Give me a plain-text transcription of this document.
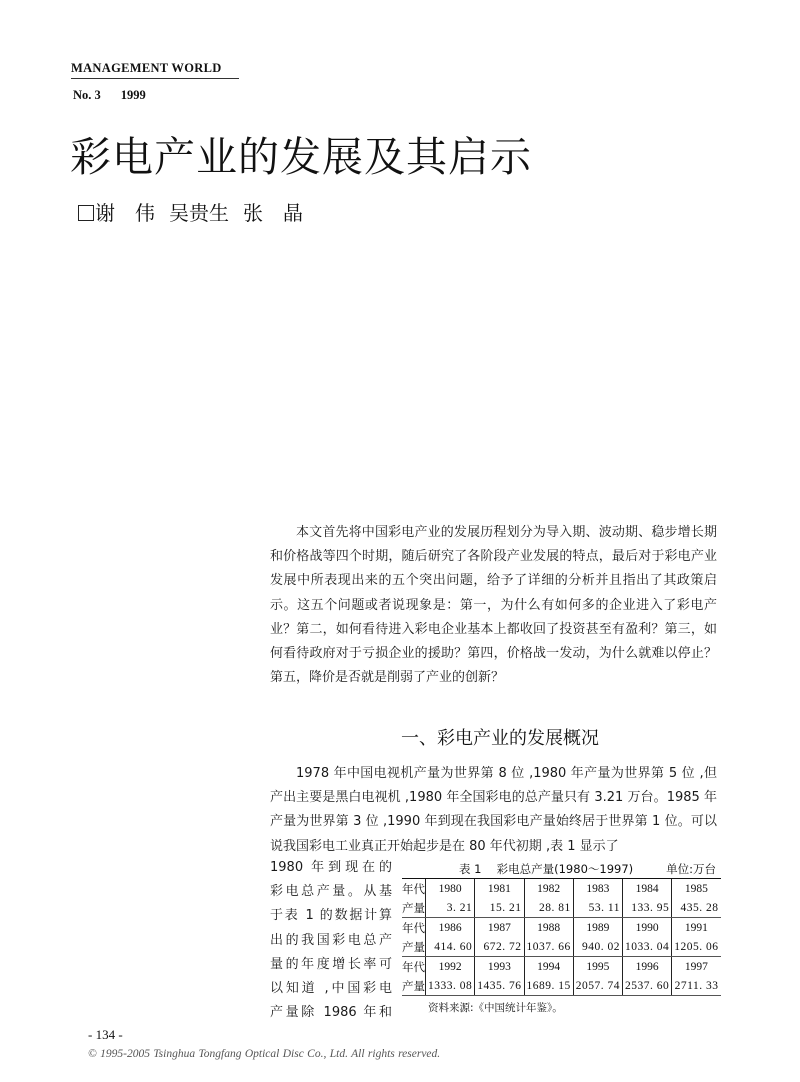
MANAGEMENT WORLD
No. 3 1999
彩电产业的发展及其启示
谢　伟 吴贵生 张　晶

本文首先将中国彩电产业的发展历程划分为导入期、波动期、稳步增长期和价格战等四个时期，随后研究了各阶段产业发展的特点，最后对于彩电产业发展中所表现出来的五个突出问题，给予了详细的分析并且指出了其政策启示。这五个问题或者说现象是：第一，为什么有如何多的企业进入了彩电产业？第二，如何看待进入彩电企业基本上都收回了投资甚至有盈利？第三，如何看待政府对于亏损企业的援助？第四，价格战一发动，为什么就难以停止？第五，降价是否就是削弱了产业的创新？

一、彩电产业的发展概况

1978 年中国电视机产量为世界第 8 位 ,1980 年产量为世界第 5 位 ,但产出主要是黑白电视机 ,1980 年全国彩电的总产量只有 3.21 万台。1985 年产量为世界第 3 位 ,1990 年到现在我国彩电产量始终居于世界第 1 位。可以说我国彩电工业真正开始起步是在 80 年代初期 ,表 1 显示了

1980 年到现在的
彩电总产量。从基
于表 1 的数据计算
出的我国彩电总产
量的年度增长率可
以知道 ,中国彩电
产量除 1986 年和
表 1　 彩电总产量(1980～1997)	单位:万台
年代	1980	1981	1982	1983	1984	1985
产量	3. 21	15. 21	28. 81	53. 11	133. 95	435. 28
年代	1986	1987	1988	1989	1990	1991
产量	414. 60	672. 72	1037. 66	940. 02	1033. 04	1205. 06
年代	1992	1993	1994	1995	1996	1997
产量	1333. 08	1435. 76	1689. 15	2057. 74	2537. 60	2711. 33
资料来源:《中国统计年鉴》。
- 134 -
© 1995-2005 Tsinghua Tongfang Optical Disc Co., Ltd. All rights reserved.
